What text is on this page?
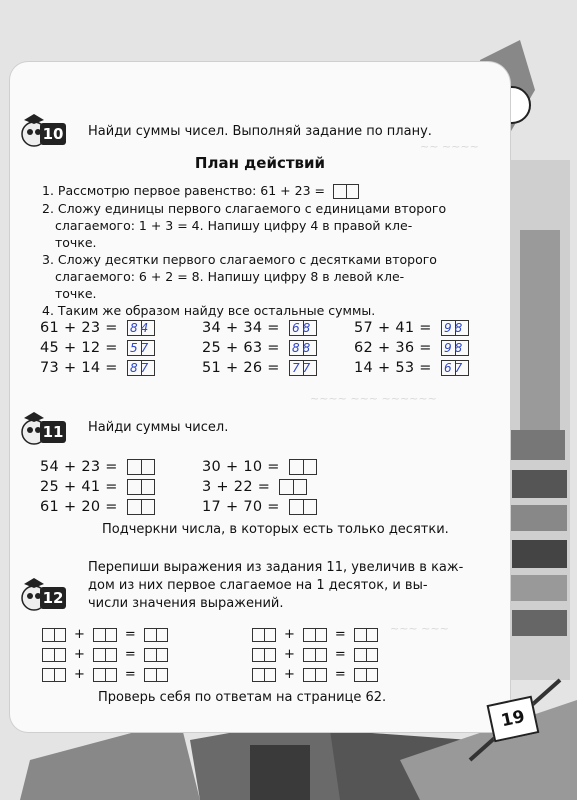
~~ ~~~~
~~~~ ~~~ ~~~~~~
~~~ ~~~
10 Найди суммы чисел. Выполняй задание по плану.
План действий
1. Рассмотрю первое равенство: 61 + 23 =
2. Сложу единицы первого слагаемого с единицами второго
слагаемого: 1 + 3 = 4. Напишу цифру 4 в правой кле-
точке.
3. Сложу десятки первого слагаемого с десятками второго
слагаемого: 6 + 2 = 8. Напишу цифру 8 в левой кле-
точке.
4. Таким же образом найду все остальные суммы.
61 + 23 = 84	34 + 34 = 68	57 + 41 = 98
45 + 12 = 57	25 + 63 = 88	62 + 36 = 98
73 + 14 = 87	51 + 26 = 77	14 + 53 = 67
11 Найди суммы чисел.
54 + 23 =	30 + 10 =
25 + 41 =	3 + 22 =
61 + 20 =	17 + 70 =
Подчеркни числа, в которых есть только десятки.
12
Перепиши выражения из задания 11, увеличив в каж-
дом из них первое слагаемое на 1 десяток, и вы-
числи значения выражений.
+	=
+	=
+	=
+	=
+	=
+	=
Проверь себя по ответам на странице 62.
19
